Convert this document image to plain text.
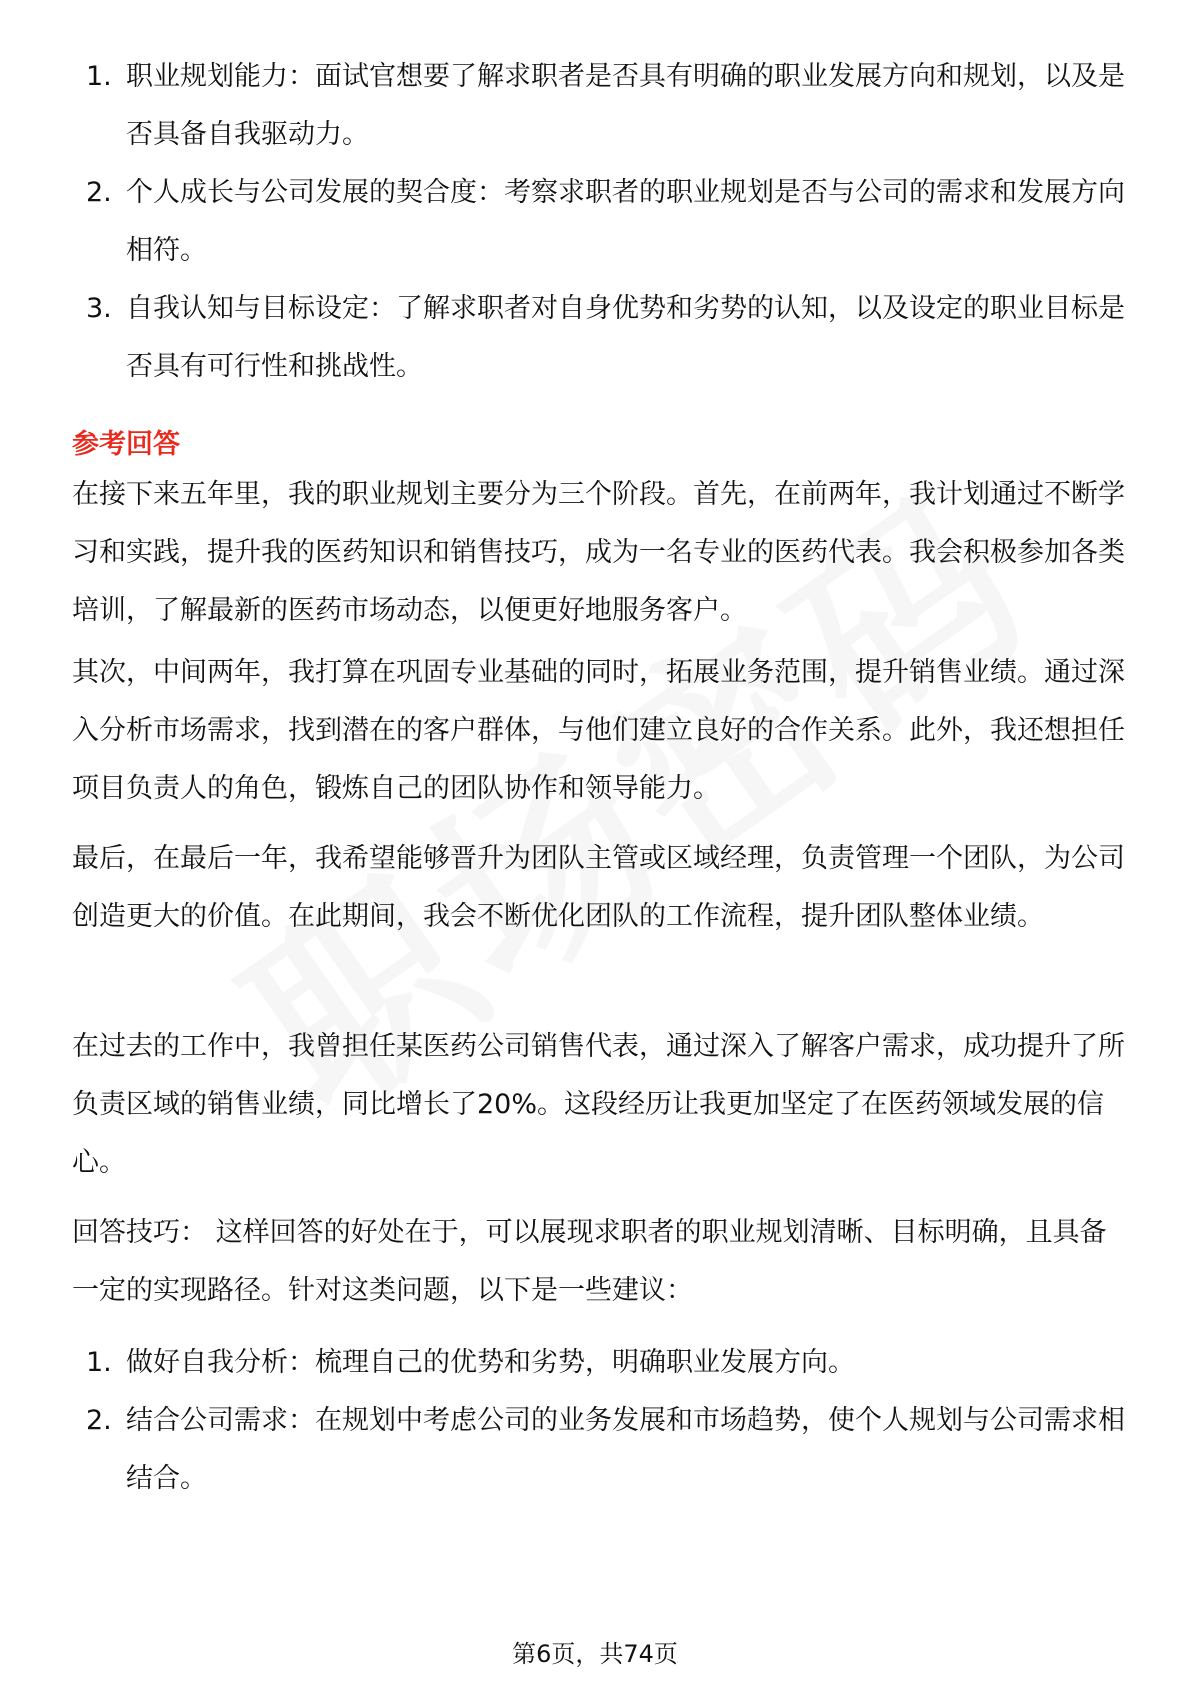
1. 职业规划能力：面试官想要了解求职者是否具有明确的职业发展方向和规划，以及是否具备自我驱动力。
2. 个人成长与公司发展的契合度：考察求职者的职业规划是否与公司的需求和发展方向相符。
3. 自我认知与目标设定：了解求职者对自身优势和劣势的认知，以及设定的职业目标是否具有可行性和挑战性。
参考回答
在接下来五年里，我的职业规划主要分为三个阶段。首先，在前两年，我计划通过不断学习和实践，提升我的医药知识和销售技巧，成为一名专业的医药代表。我会积极参加各类培训，了解最新的医药市场动态，以便更好地服务客户。
其次，中间两年，我打算在巩固专业基础的同时，拓展业务范围，提升销售业绩。通过深入分析市场需求，找到潜在的客户群体，与他们建立良好的合作关系。此外，我还想担任项目负责人的角色，锻炼自己的团队协作和领导能力。
最后，在最后一年，我希望能够晋升为团队主管或区域经理，负责管理一个团队，为公司创造更大的价值。在此期间，我会不断优化团队的工作流程，提升团队整体业绩。
在过去的工作中，我曾担任某医药公司销售代表，通过深入了解客户需求，成功提升了所负责区域的销售业绩，同比增长了20%。这段经历让我更加坚定了在医药领域发展的信心。
回答技巧： 这样回答的好处在于，可以展现求职者的职业规划清晰、目标明确，且具备一定的实现路径。针对这类问题，以下是一些建议：
1. 做好自我分析：梳理自己的优势和劣势，明确职业发展方向。
2. 结合公司需求：在规划中考虑公司的业务发展和市场趋势，使个人规划与公司需求相结合。
第6页，共74页
